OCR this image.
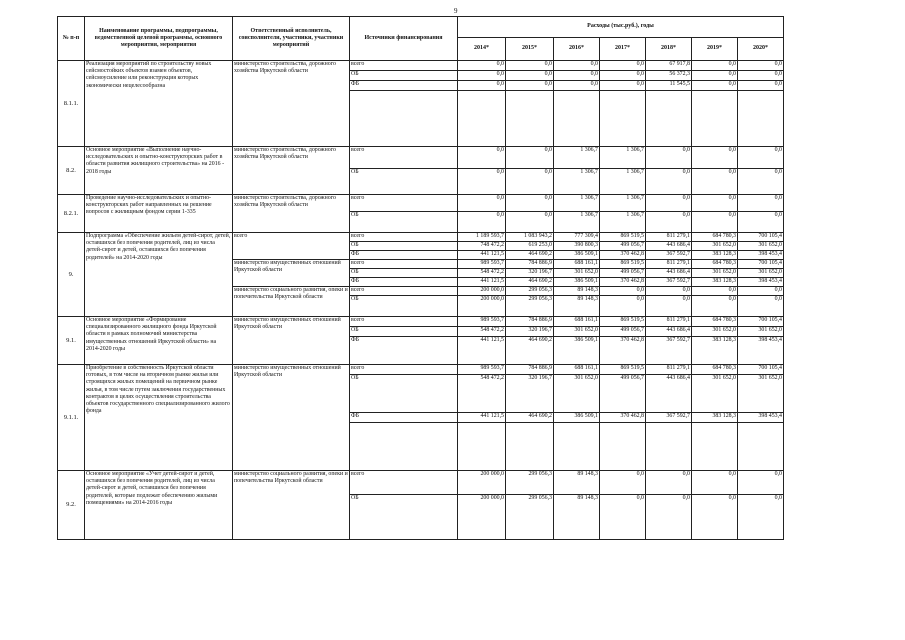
9
№ п-п	Наименование программы, подпрограммы, ведомственной целевой программы, основного мероприятия, мероприятия	Ответственный исполнитель, соисполнители, участники, участники мероприятий	Источники финансирования	Расходы (тыс.руб.), годы						
				2014*	2015*	2016*	2017*	2018*	2019*	2020*
8.1.1.	Реализация мероприятий по строительству новых сейсмостойких объектов взамен объектов, сейсмоусиление или реконструкция которых экономически нецелесообразна	министерство строительства, дорожного хозяйства Иркутской области	всего	0,0	0,0	0,0	0,0	67 917,8	0,0	0,0
			ОБ	0,0	0,0	0,0	0,0	56 372,3	0,0	0,0
			ФБ	0,0	0,0	0,0	0,0	11 545,5	0,0	0,0

8.2.	Основное мероприятие «Выполнение научно-исследовательских и опытно-конструкторских работ в области развития жилищного строительства» на 2016 - 2018 годы	министерство строительства, дорожного хозяйства Иркутской области	всего	0,0	0,0	1 306,7	1 306,7	0,0	0,0	0,0
			ОБ	0,0	0,0	1 306,7	1 306,7	0,0	0,0	0,0
8.2.1.	Проведение научно-исследовательских и опытно-конструкторских работ направленных на решение вопросов с жилищным фондом серии 1-335	министерство строительства, дорожного хозяйства Иркутской области	всего	0,0	0,0	1 306,7	1 306,7	0,0	0,0	0,0
			ОБ	0,0	0,0	1 306,7	1 306,7	0,0	0,0	0,0
9.	Подпрограмма «Обеспечение жильем детей-сирот, детей, оставшихся без попечения родителей, лиц из числа детей-сирот и детей, оставшихся без попечения родителей» на 2014-2020 годы	всего	всего	1 189 593,7	1 083 943,2	777 309,4	869 519,5	811 279,1	684 780,3	700 105,4
			ОБ	748 472,2	619 253,0	390 800,3	499 056,7	443 686,4	301 652,0	301 652,0
			ФБ	441 121,5	464 690,2	386 509,1	370 462,8	367 592,7	383 128,3	398 453,4
		министерство имущественных отношений Иркутской области	всего	989 593,7	784 886,9	688 161,1	869 519,5	811 279,1	684 780,3	700 105,4
			ОБ	548 472,2	320 196,7	301 652,0	499 056,7	443 686,4	301 652,0	301 652,0
			ФБ	441 121,5	464 690,2	386 509,1	370 462,8	367 592,7	383 128,3	398 453,4
		министерство социального развития, опеки и попечительства Иркутской области	всего	200 000,0	299 056,3	89 148,3	0,0	0,0	0,0	0,0
			ОБ	200 000,0	299 056,3	89 148,3	0,0	0,0	0,0	0,0
9.1.	Основное мероприятие «Формирование специализированного жилищного фонда Иркутской области в рамках полномочий министерства имущественных отношений Иркутской области» на 2014-2020 годы	министерство имущественных отношений Иркутской области	всего	989 593,7	784 886,9	688 161,1	869 519,5	811 279,1	684 780,3	700 105,4
			ОБ	548 472,2	320 196,7	301 652,0	499 056,7	443 686,4	301 652,0	301 652,0
			ФБ	441 121,5	464 690,2	386 509,1	370 462,8	367 592,7	383 128,3	398 453,4
9.1.1.	Приобретение в собственность Иркутской области готовых, в том числе на вторичном рынке жилья или строящихся жилых помещений на первичном рынке жилья, в том числе путем заключения государственных контрактов в целях осуществления строительства объектов государственного специализированного жилого фонда	министерство имущественных отношений Иркутской области	всего	989 593,7	784 886,9	688 161,1	869 519,5	811 279,1	684 780,3	700 105,4
			ОБ	548 472,2	320 196,7	301 652,0	499 056,7	443 686,4	301 652,0	301 652,0
			ФБ	441 121,5	464 690,2	386 509,1	370 462,8	367 592,7	383 128,3	398 453,4

9.2.	Основное мероприятие «Учет детей-сирот и детей, оставшихся без попечения родителей, лиц из числа детей-сирот и детей, оставшихся без попечения родителей, которые подлежат обеспечению жилыми помещениями» на 2014-2016 годы	министерство социального развития, опеки и попечительства Иркутской области	всего	200 000,0	299 056,3	89 148,3	0,0	0,0	0,0	0,0
			ОБ	200 000,0	299 056,3	89 148,3	0,0	0,0	0,0	0,0
